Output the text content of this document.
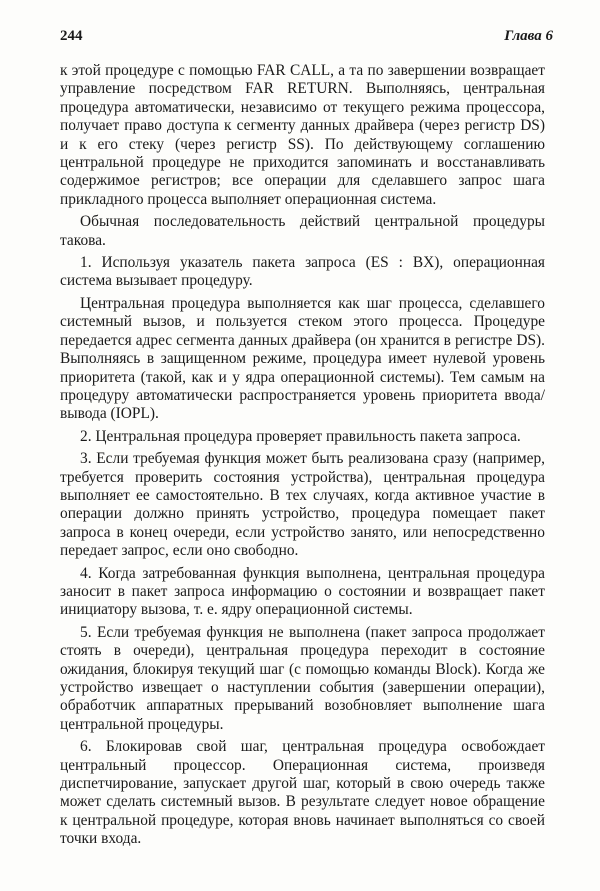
244	Глава 6

к этой процедуре с помощью FAR CALL, а та по завершении возвращает управление посредством FAR RETURN. Выполняясь, центральная процедура автоматически, независимо от текущего режима процессора, получает право доступа к сегменту данных драйвера (через регистр DS) и к его стеку (через регистр SS). По действующему соглашению центральной процедуре не приходится запоминать и восстанавливать содержимое регистров; все операции для сделавшего запрос шага прикладного процесса выполняет операционная система.

Обычная последовательность действий центральной процедуры такова.

1. Используя указатель пакета запроса (ES : BX), операционная система вызывает процедуру.

Центральная процедура выполняется как шаг процесса, сделавшего системный вызов, и пользуется стеком этого процесса. Процедуре передается адрес сегмента данных драйвера (он хранится в регистре DS). Выполняясь в защищенном режиме, процедура имеет нулевой уровень приоритета (такой, как и у ядра операционной системы). Тем самым на процедуру автоматически распространяется уровень приоритета ввода/вывода (IOPL).

2. Центральная процедура проверяет правильность пакета запроса.

3. Если требуемая функция может быть реализована сразу (например, требуется проверить состояния устройства), центральная процедура выполняет ее самостоятельно. В тех случаях, когда активное участие в операции должно принять устройство, процедура помещает пакет запроса в конец очереди, если устройство занято, или непосредственно передает запрос, если оно свободно.

4. Когда затребованная функция выполнена, центральная процедура заносит в пакет запроса информацию о состоянии и возвращает пакет инициатору вызова, т. е. ядру операционной системы.

5. Если требуемая функция не выполнена (пакет запроса продолжает стоять в очереди), центральная процедура переходит в состояние ожидания, блокируя текущий шаг (с помощью команды Block). Когда же устройство извещает о наступлении события (завершении операции), обработчик аппаратных прерываний возобновляет выполнение шага центральной процедуры.

6. Блокировав свой шаг, центральная процедура освобождает центральный процессор. Операционная система, произведя диспетчирование, запускает другой шаг, который в свою очередь также может сделать системный вызов. В результате следует новое обращение к центральной процедуре, которая вновь начинает выполняться со своей точки входа.
